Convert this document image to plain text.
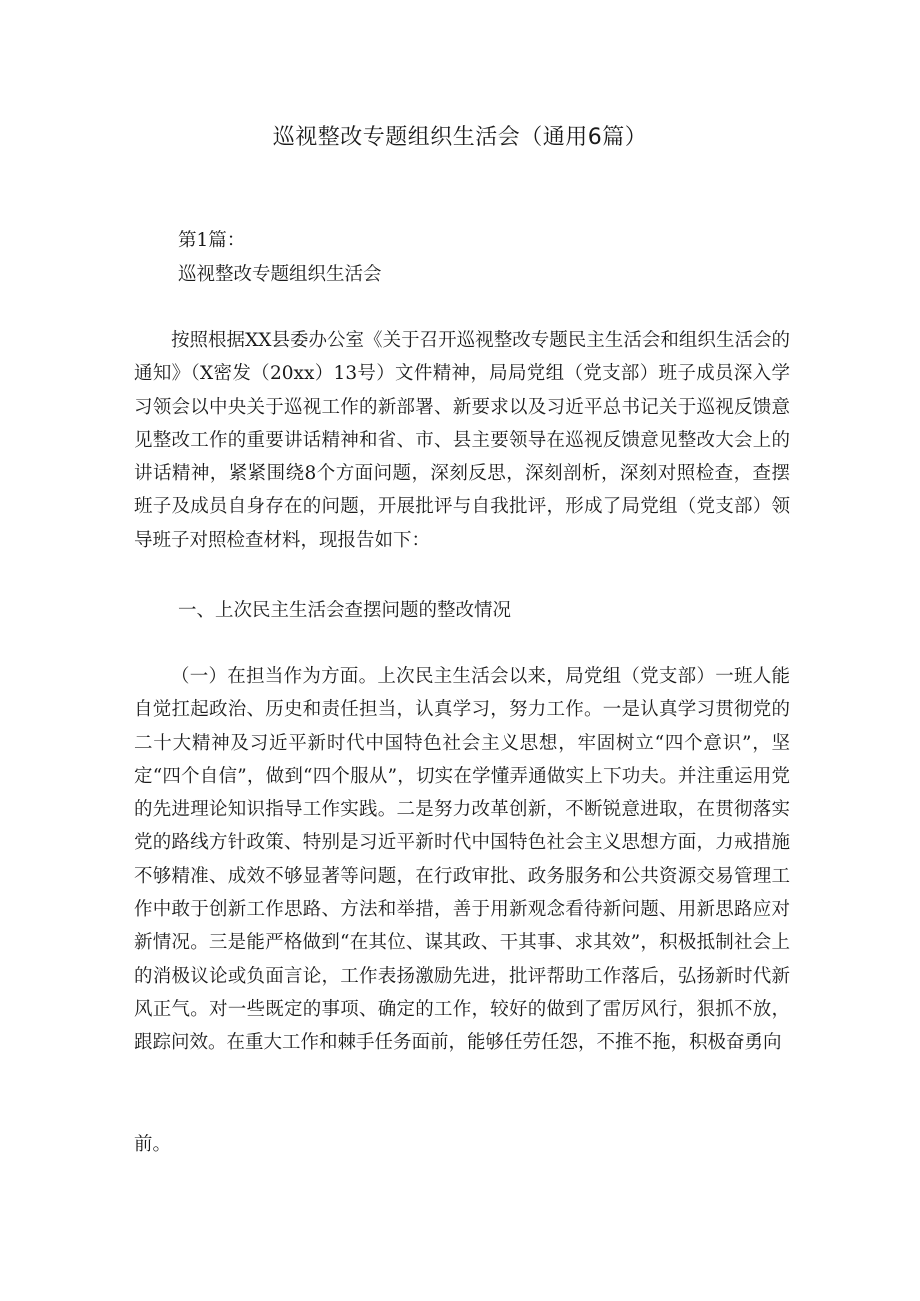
巡视整改专题组织生活会（通用6篇）

第1篇：

巡视整改专题组织生活会

按照根据XX县委办公室《关于召开巡视整改专题民主生活会和组织生活会的通知》（X密发（20xx）13号）文件精神，局局党组（党支部）班子成员深入学习领会以中央关于巡视工作的新部署、新要求以及习近平总书记关于巡视反馈意见整改工作的重要讲话精神和省、市、县主要领导在巡视反馈意见整改大会上的讲话精神，紧紧围绕8个方面问题，深刻反思，深刻剖析，深刻对照检查，查摆班子及成员自身存在的问题，开展批评与自我批评，形成了局党组（党支部）领导班子对照检查材料，现报告如下：

一、上次民主生活会查摆问题的整改情况

（一）在担当作为方面。上次民主生活会以来，局党组（党支部）一班人能自觉扛起政治、历史和责任担当，认真学习，努力工作。一是认真学习贯彻党的二十大精神及习近平新时代中国特色社会主义思想，牢固树立“四个意识”，坚定“四个自信”，做到“四个服从”，切实在学懂弄通做实上下功夫。并注重运用党的先进理论知识指导工作实践。二是努力改革创新，不断锐意进取，在贯彻落实党的路线方针政策、特别是习近平新时代中国特色社会主义思想方面，力戒措施不够精准、成效不够显著等问题，在行政审批、政务服务和公共资源交易管理工作中敢于创新工作思路、方法和举措，善于用新观念看待新问题、用新思路应对新情况。三是能严格做到“在其位、谋其政、干其事、求其效”，积极抵制社会上的消极议论或负面言论，工作表扬激励先进，批评帮助工作落后，弘扬新时代新风正气。对一些既定的事项、确定的工作，较好的做到了雷厉风行，狠抓不放，跟踪问效。在重大工作和棘手任务面前，能够任劳任怨，不推不拖，积极奋勇向

前。
